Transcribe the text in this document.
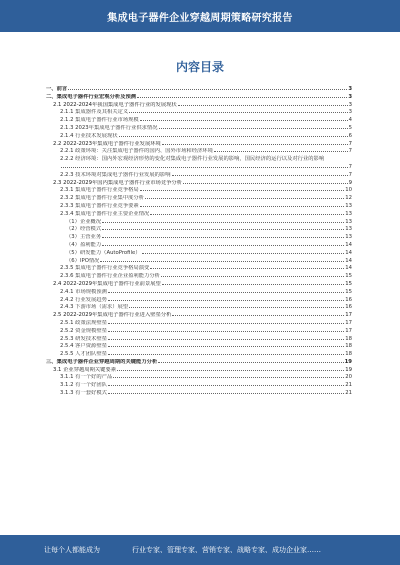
集成电子器件企业穿越周期策略研究报告
内容目录
一、前言	3
二、集成电子器件行业宏观分析及预测	3
2.1 2022-2024年我国集成电子器件行业的发展现状	3
2.1.1 集成器件及其相关定义	3
2.1.2 集成电子器件行业市场规模	4
2.1.3 2023年集成电子器件行业供求情况	5
2.1.4 行业技术发展现状	6
2.2 2022-2023年集成电子器件行业发展环境	7
2.2.1 政策环境：关注集成电子器件的国内、国外市场和经济环境	7
2.2.2 经济环境：国内外宏观经济形势的变化对集成电子器件行业发展的影响，国民经济的运行以及对行业的影响
7
2.2.3 技术环境对集成电子器件行业发展的影响	7
2.3 2022-2029年国内集成电子器件行业市场竞争分析	9
2.3.1 集成电子器件行业竞争格局	10
2.3.2 集成电子器件行业集中度分析	12
2.3.3 集成电子器件行业竞争要素	13
2.3.4 集成电子器件行业主要企业情况	13
（1）企业概况	13
（2）经营模式	13
（3）主营业务	13
（4）盈利能力	14
（5）研发能力（AutoProfile）	14
（6）IPO情况	14
2.3.5 集成电子器件行业竞争格局演变	14
2.3.6 集成电子器件行业企业盈利能力分析	15
2.4 2022-2029年集成电子器件行业前景展望	15
2.4.1 市场规模预测	15
2.4.2 行业发展趋势	16
2.4.3 下游市场（需求）展望	16
2.5 2022-2029年集成电子器件行业进入壁垒分析	17
2.5.1 政策法规壁垒	17
2.5.2 资金规模壁垒	17
2.5.3 研发技术壁垒	18
2.5.4 客户资源壁垒	18
2.5.5 人才团队壁垒	18
三、集成电子器件企业穿越周期的关键能力分析	19
3.1 企业穿越周期关键要素	19
3.1.1 有一个好的产品	20
3.1.2 有一个好团队	21
3.1.3 有一套好模式	21
让每个人都能成为	行业专家、管理专家、营销专家、战略专家、成功企业家……
